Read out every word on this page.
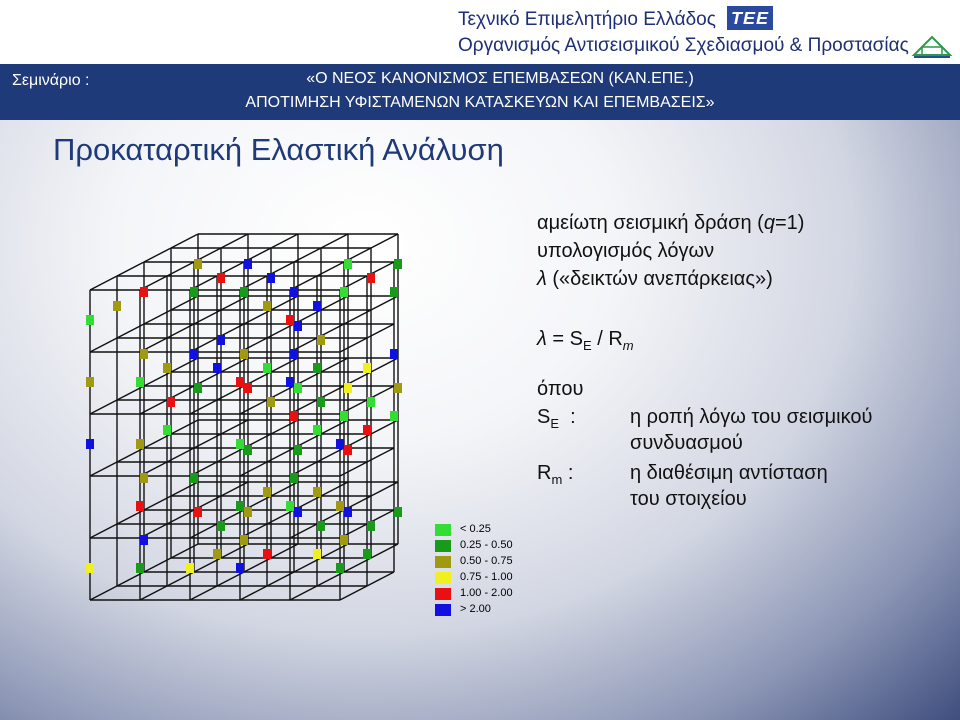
Τεχνικό Επιμελητήριο Ελλάδος
Οργανισμός Αντισεισμικού Σχεδιασμού & Προστασίας
ΤΕΕ
Σεμινάριο :	«Ο ΝΕΟΣ ΚΑΝΟΝΙΣΜΟΣ ΕΠΕΜΒΑΣΕΩΝ (ΚΑΝ.ΕΠΕ.)
ΑΠΟΤΙΜΗΣΗ ΥΦΙΣΤΑΜΕΝΩΝ ΚΑΤΑΣΚΕΥΩΝ ΚΑΙ ΕΠΕΜΒΑΣΕΙΣ»
Προκαταρτική Ελαστική Ανάλυση
αμείωτη σεισμική δράση (q=1)
υπολογισμός λόγων
λ («δεικτών ανεπάρκειας»)
$\lambda = S_E / R_m$
όπου
$S_E$  :	η ροπή λόγω του σεισμικού
συνδυασμού
$R_m$ :	η διαθέσιμη αντίσταση
του στοιχείου
< 0.25
0.25 - 0.50
0.50 - 0.75
0.75 - 1.00
1.00 - 2.00
> 2.00
